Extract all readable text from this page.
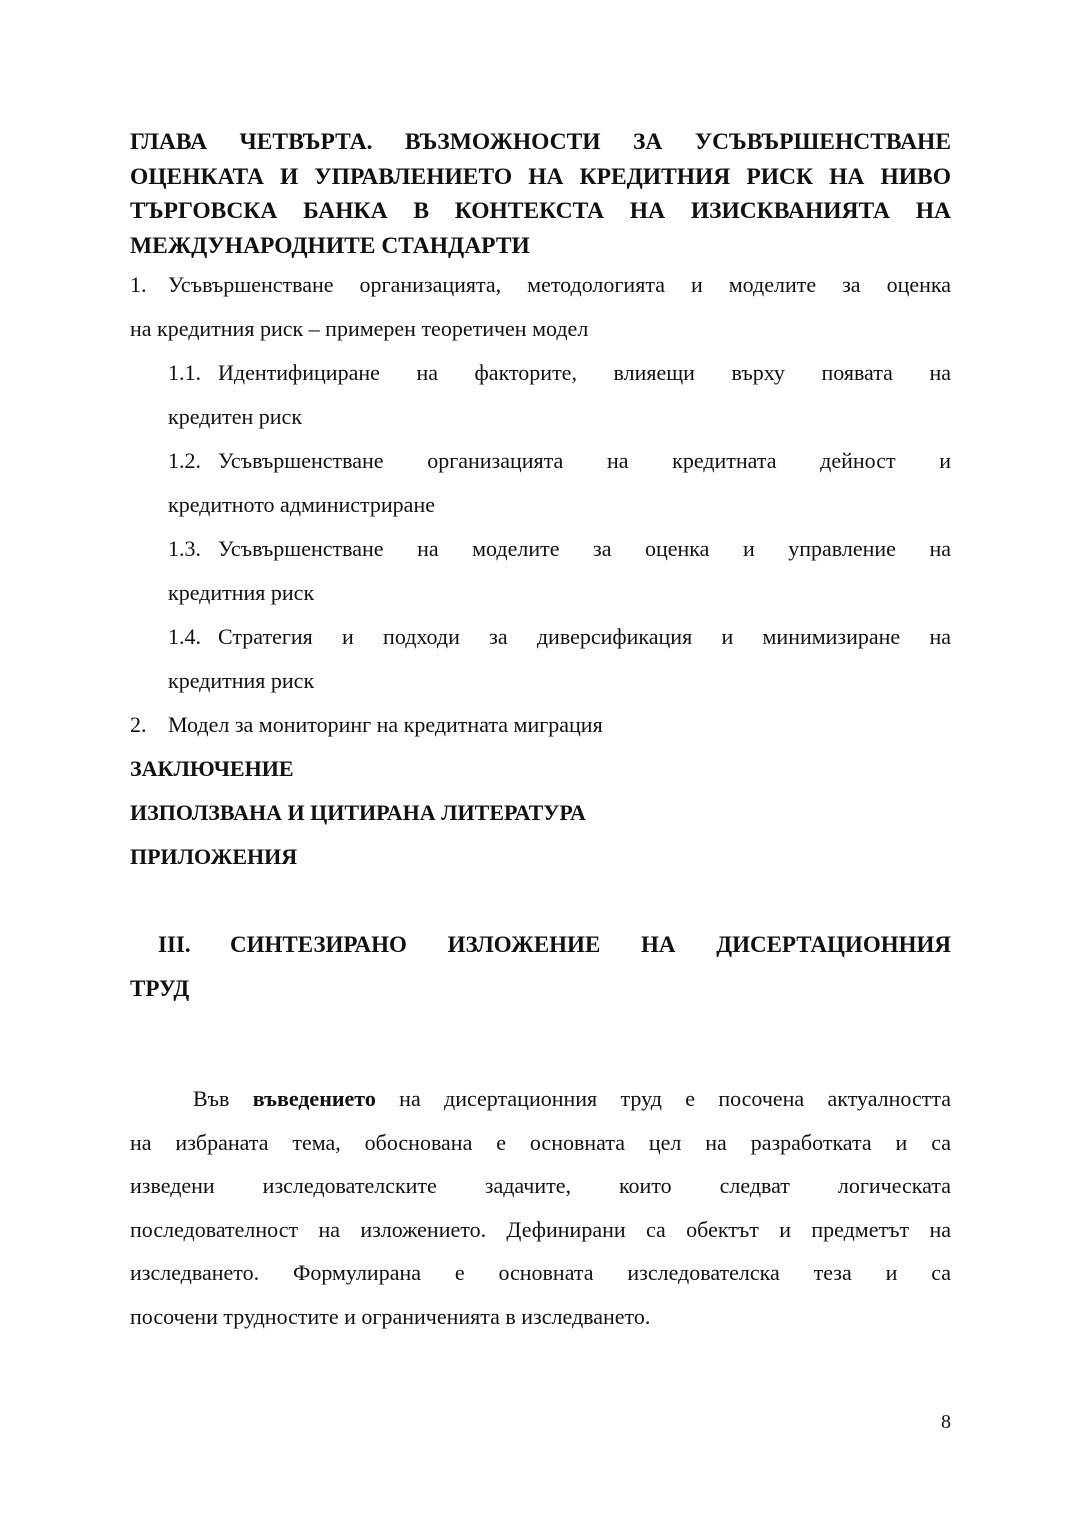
ГЛАВА ЧЕТВЪРТА. ВЪЗМОЖНОСТИ ЗА УСЪВЪРШЕНСТВАНЕ
ОЦЕНКАТА И УПРАВЛЕНИЕТО НА КРЕДИТНИЯ РИСК НА НИВО
ТЪРГОВСКА БАНКА В КОНТЕКСТА НА ИЗИСКВАНИЯТА НА
МЕЖДУНАРОДНИТЕ СТАНДАРТИ
1. Усъвършенстване организацията, методологията и моделите за оценка
на кредитния риск – примерен теоретичен модел
1.1. Идентифициране на факторите, влияещи върху появата на
кредитен риск
1.2. Усъвършенстване организацията на кредитната дейност и
кредитното администриране
1.3. Усъвършенстване на моделите за оценка и управление на
кредитния риск
1.4. Стратегия и подходи за диверсификация и минимизиране на
кредитния риск
2. Модел за мониторинг на кредитната миграция

ЗАКЛЮЧЕНИЕ

ИЗПОЛЗВАНА И ЦИТИРАНА ЛИТЕРАТУРА

ПРИЛОЖЕНИЯ

III. СИНТЕЗИРАНО ИЗЛОЖЕНИЕ НА ДИСЕРТАЦИОННИЯ
ТРУД
Във въведението на дисертационния труд е посочена актуалността
на избраната тема, обоснована е основната цел на разработката и са
изведени изследователските задачите, които следват логическата
последователност на изложението. Дефинирани са обектът и предметът на
изследването. Формулирана е основната изследователска теза и са
посочени трудностите и ограниченията в изследването.
8
